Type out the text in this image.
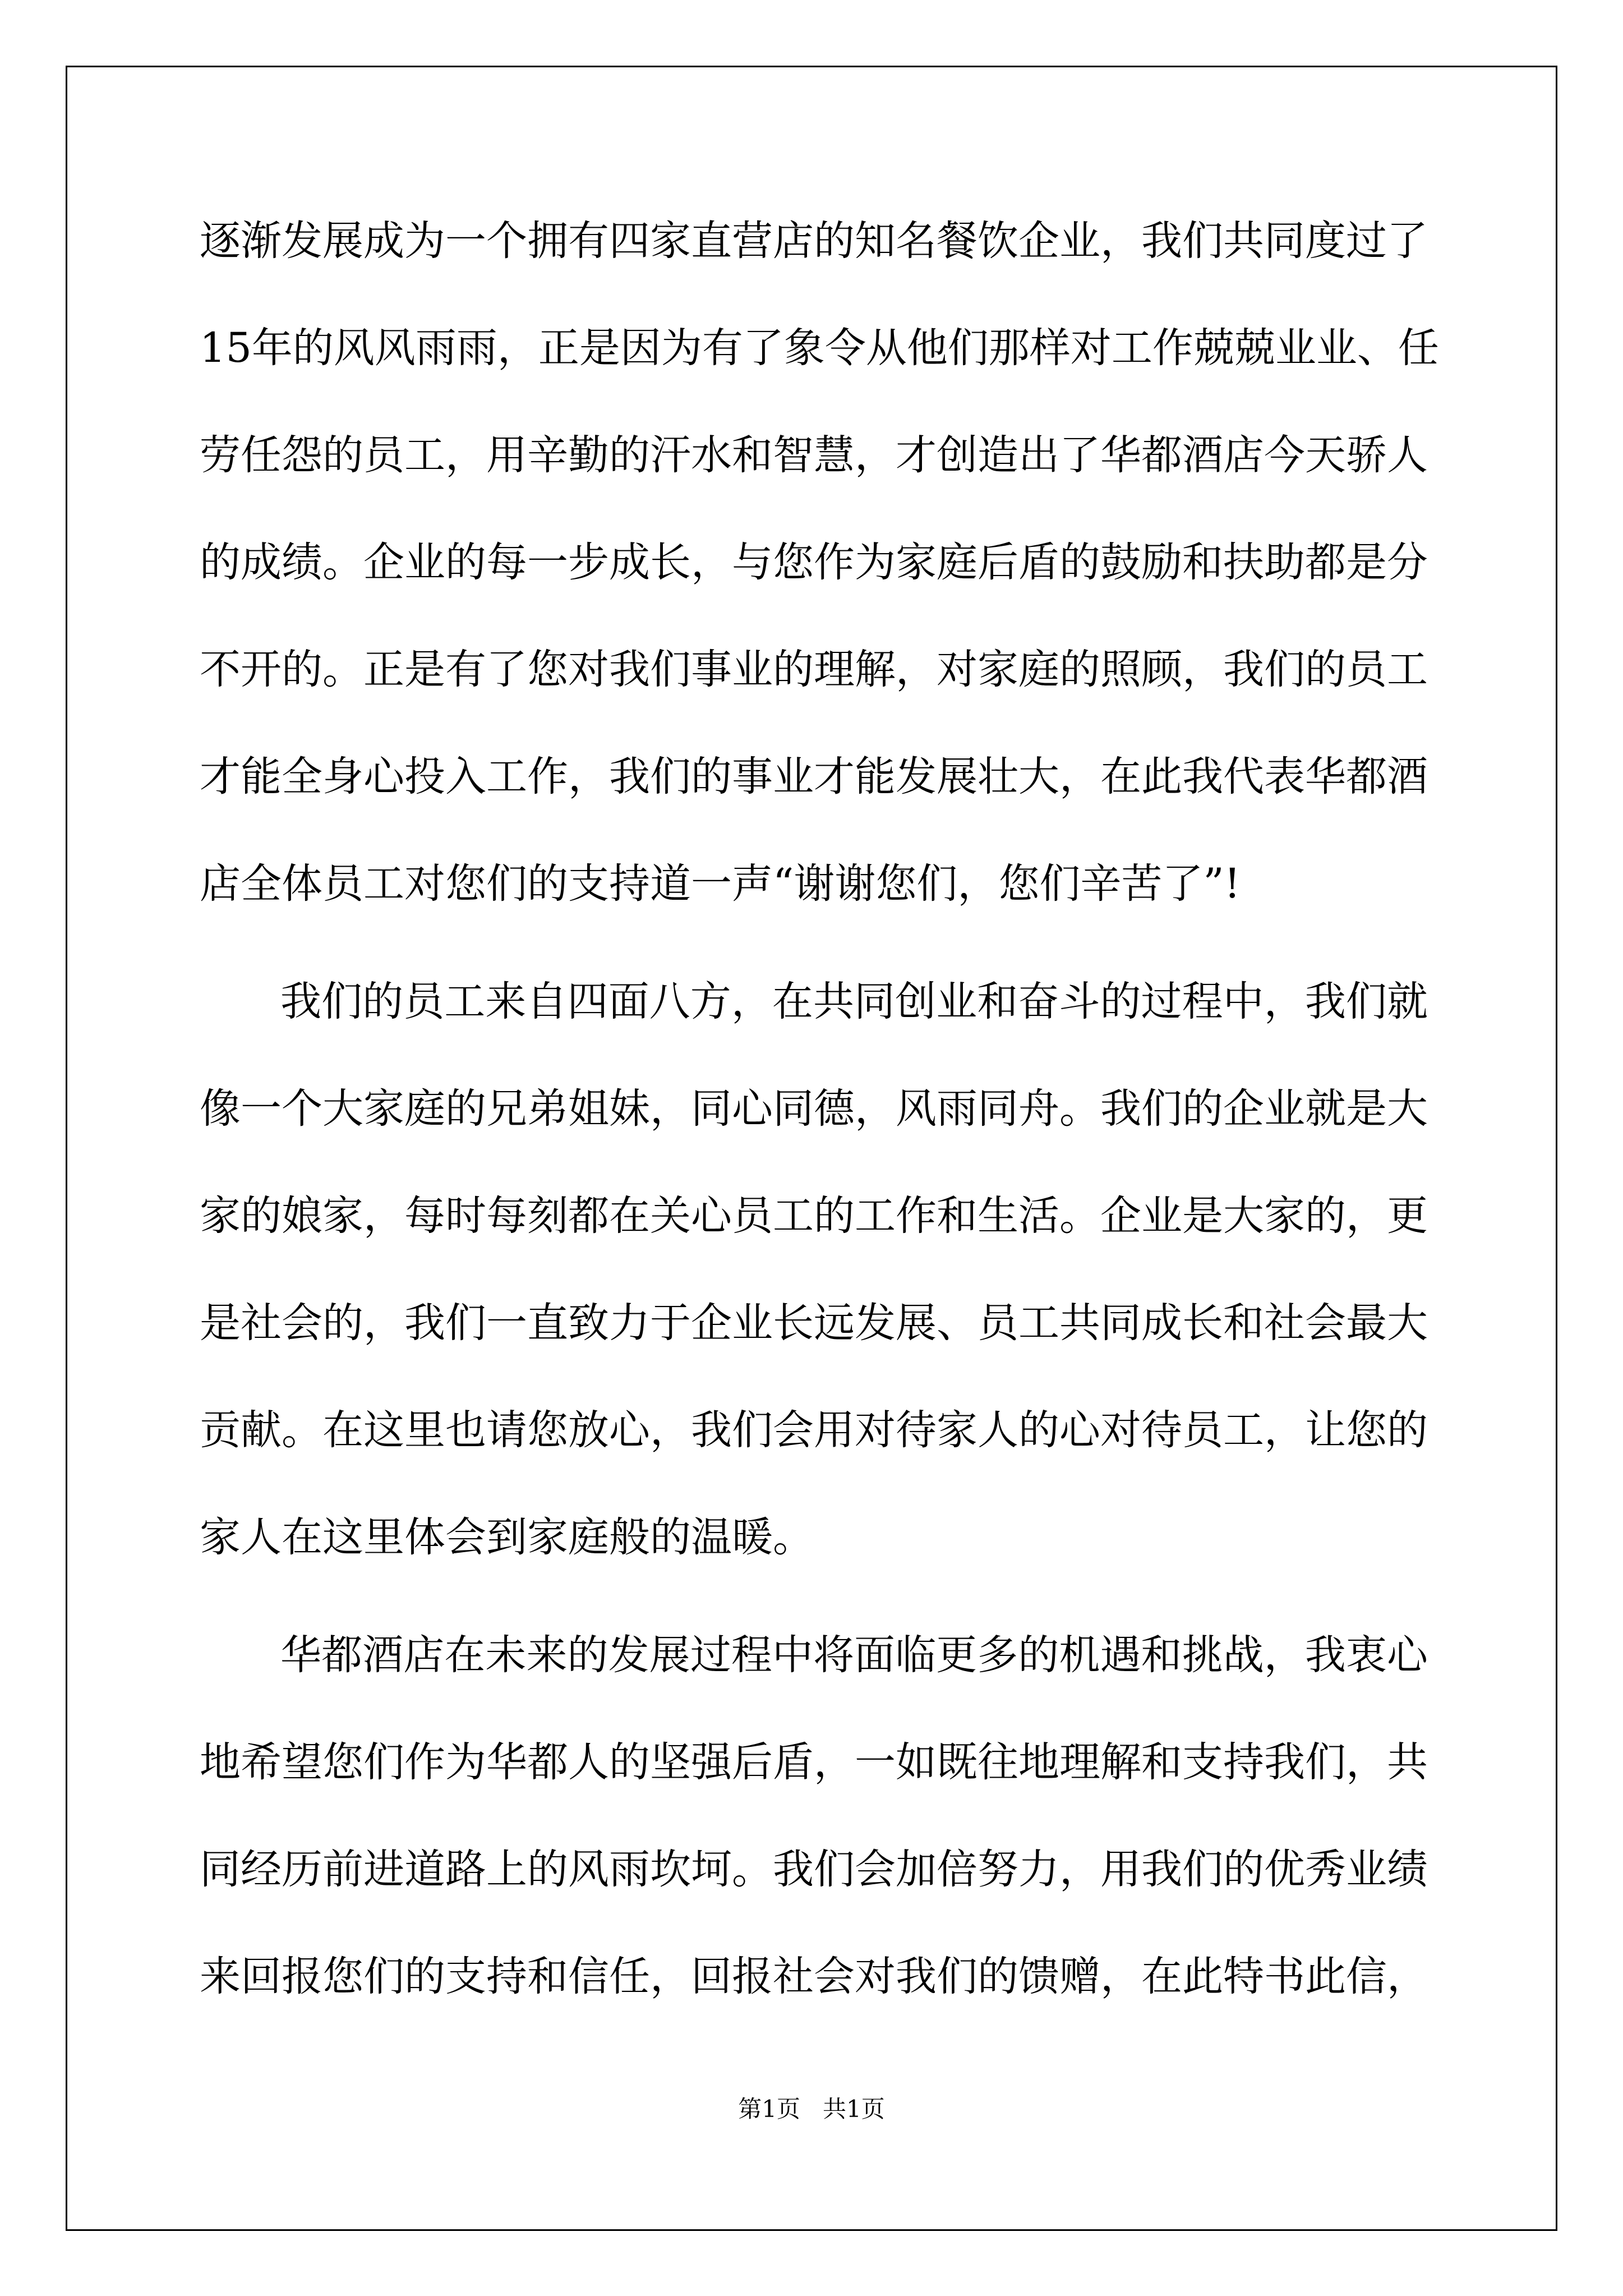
逐渐发展成为一个拥有四家直营店的知名餐饮企业，我们共同度过了
15年的风风雨雨，正是因为有了象令从他们那样对工作兢兢业业、任
劳任怨的员工，用辛勤的汗水和智慧，才创造出了华都酒店今天骄人
的成绩。企业的每一步成长，与您作为家庭后盾的鼓励和扶助都是分
不开的。正是有了您对我们事业的理解，对家庭的照顾，我们的员工
才能全身心投入工作，我们的事业才能发展壮大，在此我代表华都酒
店全体员工对您们的支持道一声“谢谢您们，您们辛苦了”!
我们的员工来自四面八方，在共同创业和奋斗的过程中，我们就
像一个大家庭的兄弟姐妹，同心同德，风雨同舟。我们的企业就是大
家的娘家，每时每刻都在关心员工的工作和生活。企业是大家的，更
是社会的，我们一直致力于企业长远发展、员工共同成长和社会最大
贡献。在这里也请您放心，我们会用对待家人的心对待员工，让您的
家人在这里体会到家庭般的温暖。
华都酒店在未来的发展过程中将面临更多的机遇和挑战，我衷心
地希望您们作为华都人的坚强后盾，一如既往地理解和支持我们，共
同经历前进道路上的风雨坎坷。我们会加倍努力，用我们的优秀业绩
来回报您们的支持和信任，回报社会对我们的馈赠，在此特书此信，
第1页   共1页
